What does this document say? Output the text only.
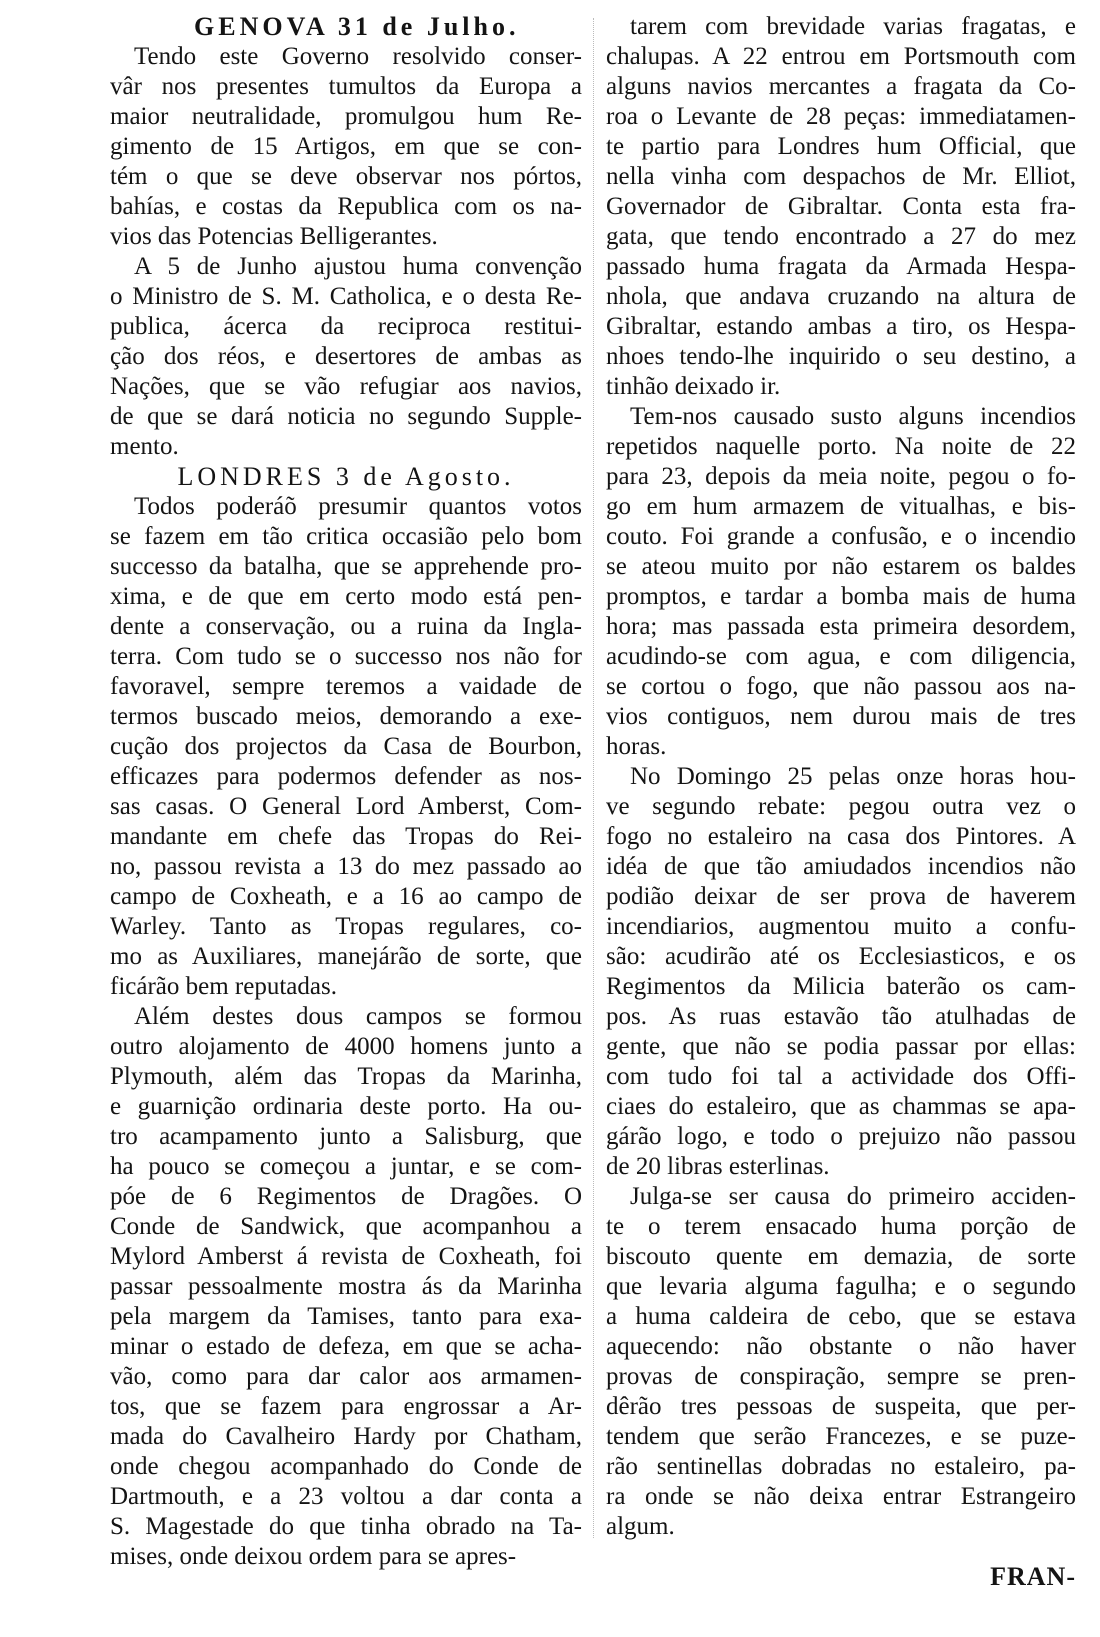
GENOVA 31 de Julho.
Tendo este Governo resolvido conser-
vâr nos presentes tumultos da Europa a
maior neutralidade, promulgou hum Re-
gimento de 15 Artigos, em que se con-
tém o que se deve observar nos pórtos,
bahías, e costas da Republica com os na-
vios das Potencias Belligerantes.
A 5 de Junho ajustou huma convenção
o Ministro de S. M. Catholica, e o desta Re-
publica, ácerca da reciproca restitui-
ção dos réos, e desertores de ambas as
Nações, que se vão refugiar aos navios,
de que se dará noticia no segundo Supple-
mento.
LONDRES 3 de Agosto.
Todos poderáõ presumir quantos votos
se fazem em tão critica occasião pelo bom
successo da batalha, que se apprehende pro-
xima, e de que em certo modo está pen-
dente a conservação, ou a ruina da Ingla-
terra. Com tudo se o successo nos não for
favoravel, sempre teremos a vaidade de
termos buscado meios, demorando a exe-
cução dos projectos da Casa de Bourbon,
efficazes para podermos defender as nos-
sas casas. O General Lord Amberst, Com-
mandante em chefe das Tropas do Rei-
no, passou revista a 13 do mez passado ao
campo de Coxheath, e a 16 ao campo de
Warley. Tanto as Tropas regulares, co-
mo as Auxiliares, manejárão de sorte, que
ficárão bem reputadas.
Além destes dous campos se formou
outro alojamento de 4000 homens junto a
Plymouth, além das Tropas da Marinha,
e guarnição ordinaria deste porto. Ha ou-
tro acampamento junto a Salisburg, que
ha pouco se começou a juntar, e se com-
póe de 6 Regimentos de Dragões. O
Conde de Sandwick, que acompanhou a
Mylord Amberst á revista de Coxheath, foi
passar pessoalmente mostra ás da Marinha
pela margem da Tamises, tanto para exa-
minar o estado de defeza, em que se acha-
vão, como para dar calor aos armamen-
tos, que se fazem para engrossar a Ar-
mada do Cavalheiro Hardy por Chatham,
onde chegou acompanhado do Conde de
Dartmouth, e a 23 voltou a dar conta a
S. Magestade do que tinha obrado na Ta-
mises, onde deixou ordem para se apres-
tarem com brevidade varias fragatas, e
chalupas. A 22 entrou em Portsmouth com
alguns navios mercantes a fragata da Co-
roa o Levante de 28 peças: immediatamen-
te partio para Londres hum Official, que
nella vinha com despachos de Mr. Elliot,
Governador de Gibraltar. Conta esta fra-
gata, que tendo encontrado a 27 do mez
passado huma fragata da Armada Hespa-
nhola, que andava cruzando na altura de
Gibraltar, estando ambas a tiro, os Hespa-
nhoes tendo-lhe inquirido o seu destino, a
tinhão deixado ir.
Tem-nos causado susto alguns incendios
repetidos naquelle porto. Na noite de 22
para 23, depois da meia noite, pegou o fo-
go em hum armazem de vitualhas, e bis-
couto. Foi grande a confusão, e o incendio
se ateou muito por não estarem os baldes
promptos, e tardar a bomba mais de huma
hora; mas passada esta primeira desordem,
acudindo-se com agua, e com diligencia,
se cortou o fogo, que não passou aos na-
vios contiguos, nem durou mais de tres
horas.
No Domingo 25 pelas onze horas hou-
ve segundo rebate: pegou outra vez o
fogo no estaleiro na casa dos Pintores. A
idéa de que tão amiudados incendios não
podião deixar de ser prova de haverem
incendiarios, augmentou muito a confu-
são: acudirão até os Ecclesiasticos, e os
Regimentos da Milicia baterão os cam-
pos. As ruas estavão tão atulhadas de
gente, que não se podia passar por ellas:
com tudo foi tal a actividade dos Offi-
ciaes do estaleiro, que as chammas se apa-
gárão logo, e todo o prejuizo não passou
de 20 libras esterlinas.
Julga-se ser causa do primeiro acciden-
te o terem ensacado huma porção de
biscouto quente em demazia, de sorte
que levaria alguma fagulha; e o segundo
a huma caldeira de cebo, que se estava
aquecendo: não obstante o não haver
provas de conspiração, sempre se pren-
dêrão tres pessoas de suspeita, que per-
tendem que serão Francezes, e se puze-
rão sentinellas dobradas no estaleiro, pa-
ra onde se não deixa entrar Estrangeiro
algum.
FRAN-
